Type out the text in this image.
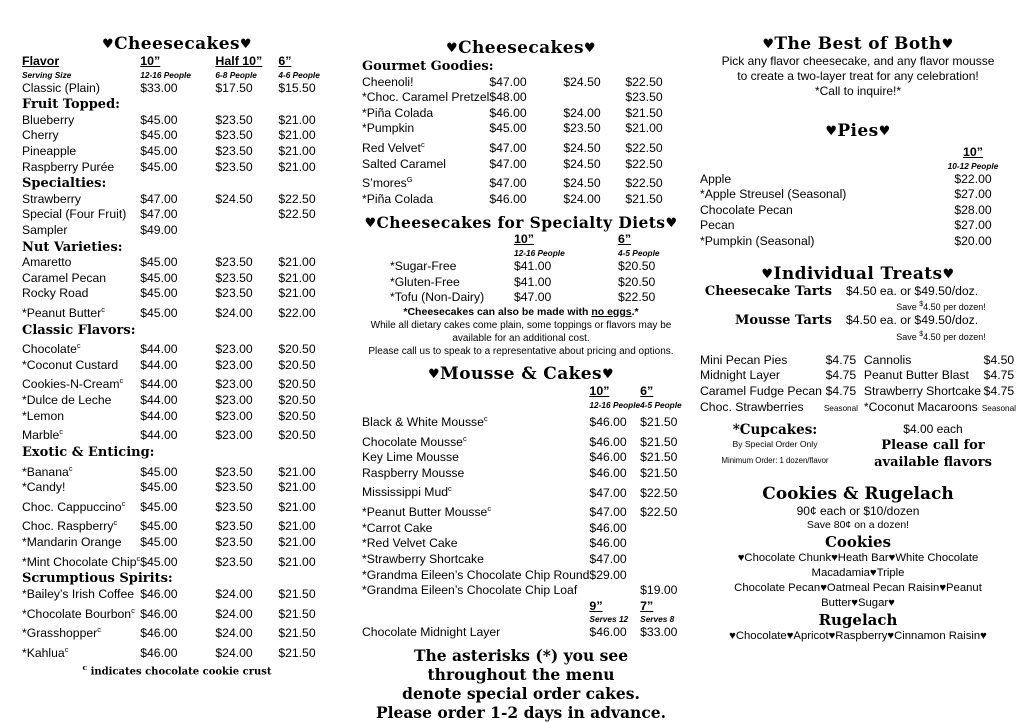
♥Cheesecakes♥
Flavor	10”	Half 10”	6”
Serving Size	12-16 People	6-8 People	4-6 People
Classic (Plain)	$33.00	$17.50	$15.50
Fruit Topped:			
Blueberry	$45.00	$23.50	$21.00
Cherry	$45.00	$23.50	$21.00
Pineapple	$45.00	$23.50	$21.00
Raspberry Purée	$45.00	$23.50	$21.00
Specialties:			
Strawberry	$47.00	$24.50	$22.50
Special (Four Fruit)	$47.00		$22.50
Sampler	$49.00		
Nut Varieties:			
Amaretto	$45.00	$23.50	$21.00
Caramel Pecan	$45.00	$23.50	$21.00
Rocky Road	$45.00	$23.50	$21.00
*Peanut Butter$^c$	$45.00	$24.00	$22.00
Classic Flavors:			
Chocolate$^c$	$44.00	$23.00	$20.50
*Coconut Custard	$44.00	$23.00	$20.50
Cookies-N-Cream$^c$	$44.00	$23.00	$20.50
*Dulce de Leche	$44.00	$23.00	$20.50
*Lemon	$44.00	$23.00	$20.50
Marble$^c$	$44.00	$23.00	$20.50
Exotic & Enticing:			
*Banana$^c$	$45.00	$23.50	$21.00
*Candy!	$45.00	$23.50	$21.00
Choc. Cappuccino$^c$	$45.00	$23.50	$21.00
Choc. Raspberry$^c$	$45.00	$23.50	$21.00
*Mandarin Orange	$45.00	$23.50	$21.00
*Mint Chocolate Chip$^c$	$45.00	$23.50	$21.00
Scrumptious Spirits:			
*Bailey’s Irish Coffee	$46.00	$24.00	$21.50
*Chocolate Bourbon$^c$	$46.00	$24.00	$21.50
*Grasshopper$^c$	$46.00	$24.00	$21.50
*Kahlua$^c$	$46.00	$24.00	$21.50
$^c$ indicates chocolate cookie crust
♥Cheesecakes♥
Gourmet Goodies:			
Cheenoli!	$47.00	$24.50	$22.50
*Choc. Caramel Pretzel	$48.00		$23.50
*Piña Colada	$46.00	$24.00	$21.50
*Pumpkin	$45.00	$23.50	$21.00
Red Velvet$^c$	$47.00	$24.50	$22.50
Salted Caramel	$47.00	$24.50	$22.50
S’mores$^G$	$47.00	$24.50	$22.50
*Piña Colada	$46.00	$24.00	$21.50
♥Cheesecakes for Specialty Diets♥
	10”	6”
	12-16 People	4-5 People
*Sugar-Free	$41.00	$20.50
*Gluten-Free	$41.00	$20.50
*Tofu (Non-Dairy)	$47.00	$22.50
*Cheesecakes can also be made with no eggs.*
While all dietary cakes come plain, some toppings or flavors may be
available for an additional cost.
Please call us to speak to a representative about pricing and options.
♥Mousse & Cakes♥
	10”	6”
	12-16 People	4-5 People
Black & White Mousse$^c$	$46.00	$21.50
Chocolate Mousse$^c$	$46.00	$21.50
Key Lime Mousse	$46.00	$21.50
Raspberry Mousse	$46.00	$21.50
Mississippi Mud$^c$	$47.00	$22.50
*Peanut Butter Mousse$^c$	$47.00	$22.50
*Carrot Cake	$46.00	
*Red Velvet Cake	$46.00	
*Strawberry Shortcake	$47.00	
*Grandma Eileen’s Chocolate Chip Round	$29.00	
*Grandma Eileen’s Chocolate Chip Loaf		$19.00
	9”	7”
	Serves 12	Serves 8
Chocolate Midnight Layer	$46.00	$33.00
The asterisks (*) you see throughout the menu
denote special order cakes.
Please order 1-2 days in advance.
♥The Best of Both♥
Pick any flavor cheesecake, and any flavor mousse
to create a two-layer treat for any celebration!
*Call to inquire!*
♥Pies♥
	10”
	10-12 People
Apple	$22.00
*Apple Streusel (Seasonal)	$27.00
Chocolate Pecan	$28.00
Pecan	$27.00
*Pumpkin (Seasonal)	$20.00
♥Individual Treats♥
Cheesecake Tarts	$4.50 ea. or $49.50/doz.
Save $4.50 per dozen!
Mousse Tarts	$4.50 ea. or $49.50/doz.
Save $4.50 per dozen!
Mini Pecan Pies	$4.75	Cannolis	$4.50
Midnight Layer	$4.75	Peanut Butter Blast	$4.75
Caramel Fudge Pecan	$4.75	Strawberry Shortcake	$4.75
Choc. Strawberries	Seasonal	*Coconut Macaroons	Seasonal
*Cupcakes:
By Special Order Only
Minimum Order: 1 dozen/flavor
$4.00 each
Please call for
available flavors
Cookies & Rugelach
90¢ each or $10/dozen
Save 80¢ on a dozen!
Cookies
♥Chocolate Chunk♥Heath Bar♥White Chocolate Macadamia♥Triple
Chocolate Pecan♥Oatmeal Pecan Raisin♥Peanut Butter♥Sugar♥
Rugelach
♥Chocolate♥Apricot♥Raspberry♥Cinnamon Raisin♥
